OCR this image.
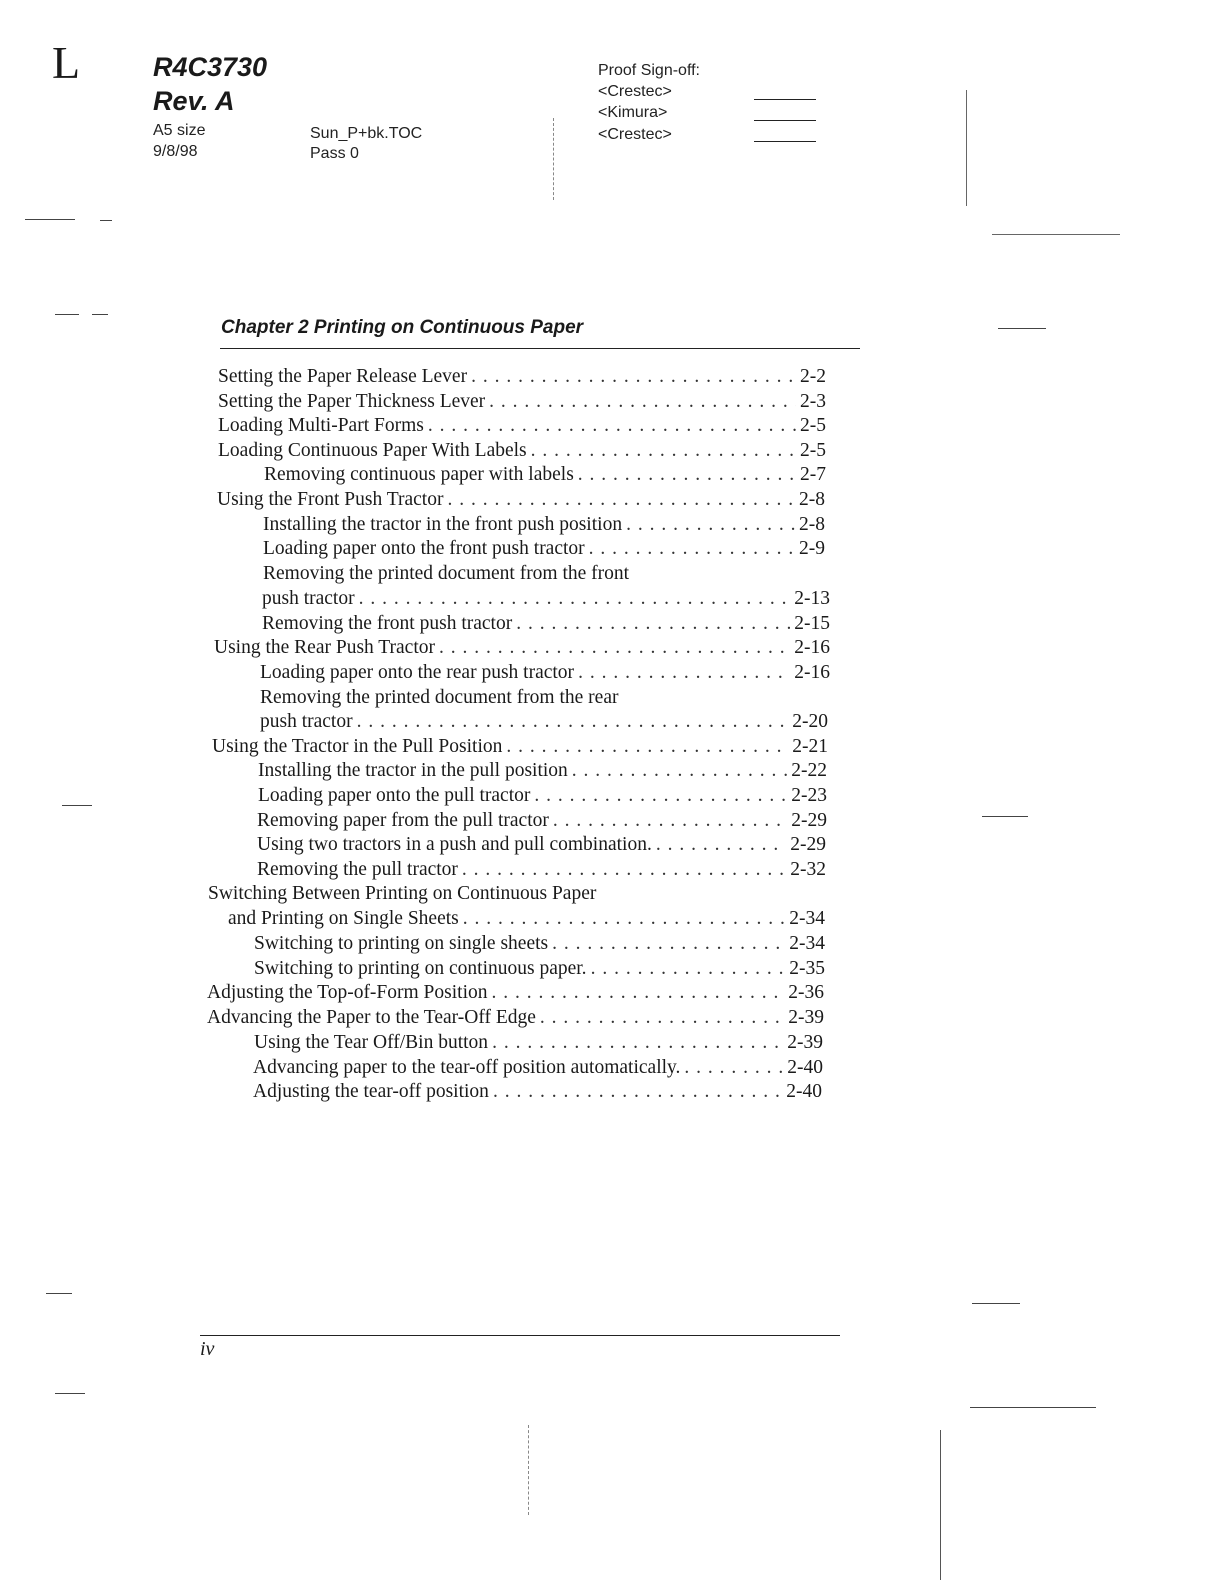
L	R4C3730
Rev. A
A5 size
9/8/98
Sun_P+bk.TOC
Pass 0
Proof Sign-off:
<Crestec>
<Kimura>
<Crestec>
Chapter 2 Printing on Continuous Paper
Setting the Paper Release Lever . . .	2-2
Setting the Paper Thickness Lever . . .	2-3
Loading Multi-Part Forms . . .	2-5
Loading Continuous Paper With Labels . . .	2-5
Removing continuous paper with labels . . .	2-7
Using the Front Push Tractor . . .	2-8
Installing the tractor in the front push position . . .	2-8
Loading paper onto the front push tractor . . .	2-9
Removing the printed document from the front
push tractor . . .	2-13
Removing the front push tractor . . .	2-15
Using the Rear Push Tractor . . .	2-16
Loading paper onto the rear push tractor . . .	2-16
Removing the printed document from the rear
push tractor . . .	2-20
Using the Tractor in the Pull Position . . .	2-21
Installing the tractor in the pull position . . .	2-22
Loading paper onto the pull tractor . . .	2-23
Removing paper from the pull tractor . . .	2-29
Using two tractors in a push and pull combination. . . .	2-29
Removing the pull tractor . . .	2-32
Switching Between Printing on Continuous Paper
and Printing on Single Sheets . . .	2-34
Switching to printing on single sheets . . .	2-34
Switching to printing on continuous paper. . . .	2-35
Adjusting the Top-of-Form Position . . .	2-36
Advancing the Paper to the Tear-Off Edge . . .	2-39
Using the Tear Off/Bin button . . .	2-39
Advancing paper to the tear-off position automatically. . . .	2-40
Adjusting the tear-off position . . .	2-40
iv
